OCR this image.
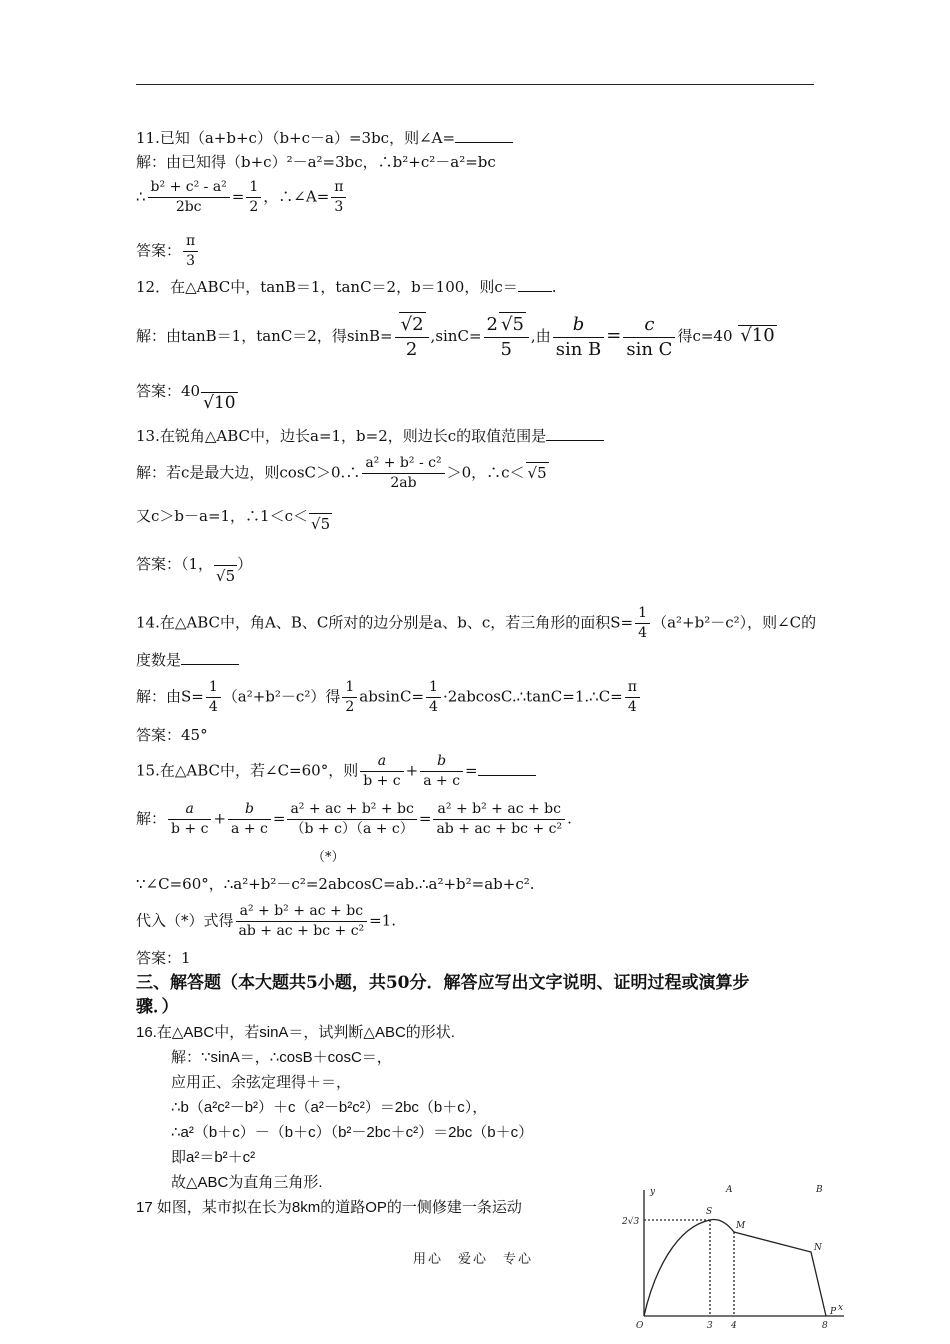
11.已知（a+b+c）（b+c－a）=3bc，则∠A=
解：由已知得（b+c）²－a²=3bc，∴b²+c²－a²=bc
∴ $\frac{\text{b² + c² - a²}}{2bc} = \frac{1}{2}$ ，∴∠A= $\frac{\pi}{3}$
答案： $\frac{\pi}{3}$
12．在△ABC中，tanB＝1，tanC＝2，b＝100，则c＝ .
解：由tanB＝1，tanC＝2，得sinB= √ $\frac{2}{2} ,\sin C= \frac{2 √ 5}{5}$ ,由 $\frac{b}{\text{sin B}} = \frac{c}{\text{sin C}}$ 得c=40 √ 10
答案：40√ 10
13.在锐角△ABC中，边长a=1，b=2，则边长c的取值范围是
解：若c是最大边，则cosC＞0.∴ $\frac{\text{a² + b² - c²}}{2ab} >0$，∴c＜ √ 5
又c＞b－a=1，∴1＜c＜ √ 5
答案：（1，√ 5）
14.在△ABC中，角A、B、C所对的边分别是a、b、c，若三角形的面积$S= \frac{1}{4} (a^2+b^2-c^2)$，则∠C的
度数是
解：由$S= \frac{1}{4} (a^2+b^2-c^2)$得 $\frac{1}{2} absinC= \frac{1}{4}$ ·2abcosC.∴tanC=1.∴C= $\frac{\pi}{4}$
答案：45°
15.在△ABC中，若∠C=60°，则 $\frac{a}{b + c} + \frac{b}{a + c}$ =
解： $\frac{a}{b + c} + \frac{b}{a + c} = \frac{\text{a² + ac + b² + bc}}{(b + c)(a + c)} = \frac{\text{a² + b² + ac + bc}}{\text{ab + ac + bc + c²}}$ .
（*）
∵∠C=60°，∴a²+b²－c²=2abcosC=ab.∴a²+b²=ab+c².
代入（*）式得 $\frac{\text{a² + b² + ac + bc}}{\text{ab + ac + bc + c²}} =1$.
答案：1
三、解答题（本大题共5小题，共50分．解答应写出文字说明、证明过程或演算步
骤．）
16.在△ABC中，若sinA＝，试判断△ABC的形状.
解：∵sinA＝，∴cosB＋cosC＝，
应用正、余弦定理得＋＝，
∴b（a²c²－b²）＋c（a²－b²c²）＝2bc（b＋c），
∴a²（b＋c）－（b＋c）（b²－2bc＋c²）＝2bc（b＋c）
即a²＝b²＋c²
故△ABC为直角三角形.
17 如图，某市拟在长为8km的道路OP的一侧修建一条运动
用心　爱心　专心
y
2√3
x
O	3 4	8
S
M
N
P
A	B
